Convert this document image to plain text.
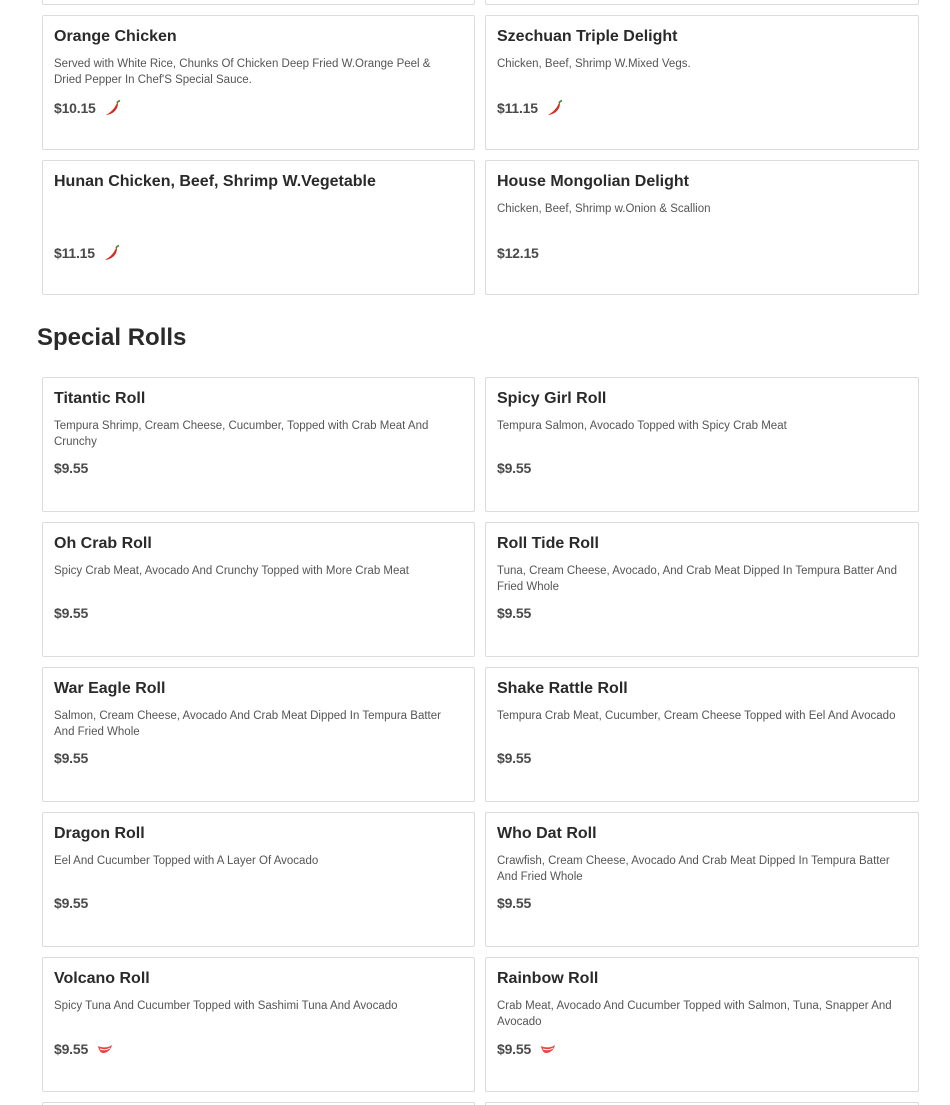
Orange Chicken

Served with White Rice, Chunks Of Chicken Deep Fried W.Orange Peel & Dried Pepper In Chef'S Special Sauce.

$10.15
Szechuan Triple Delight

Chicken, Beef, Shrimp W.Mixed Vegs.

$11.15
Hunan Chicken, Beef, Shrimp W.Vegetable

$11.15
House Mongolian Delight

Chicken, Beef, Shrimp w.Onion & Scallion

$12.15
Special Rolls
Titantic Roll

Tempura Shrimp, Cream Cheese, Cucumber, Topped with Crab Meat And Crunchy

$9.55
Spicy Girl Roll

Tempura Salmon, Avocado Topped with Spicy Crab Meat

$9.55
Oh Crab Roll

Spicy Crab Meat, Avocado And Crunchy Topped with More Crab Meat

$9.55
Roll Tide Roll

Tuna, Cream Cheese, Avocado, And Crab Meat Dipped In Tempura Batter And Fried Whole

$9.55
War Eagle Roll

Salmon, Cream Cheese, Avocado And Crab Meat Dipped In Tempura Batter And Fried Whole

$9.55
Shake Rattle Roll

Tempura Crab Meat, Cucumber, Cream Cheese Topped with Eel And Avocado

$9.55
Dragon Roll

Eel And Cucumber Topped with A Layer Of Avocado

$9.55
Who Dat Roll

Crawfish, Cream Cheese, Avocado And Crab Meat Dipped In Tempura Batter And Fried Whole

$9.55
Volcano Roll

Spicy Tuna And Cucumber Topped with Sashimi Tuna And Avocado

$9.55
Rainbow Roll

Crab Meat, Avocado And Cucumber Topped with Salmon, Tuna, Snapper And Avocado

$9.55
